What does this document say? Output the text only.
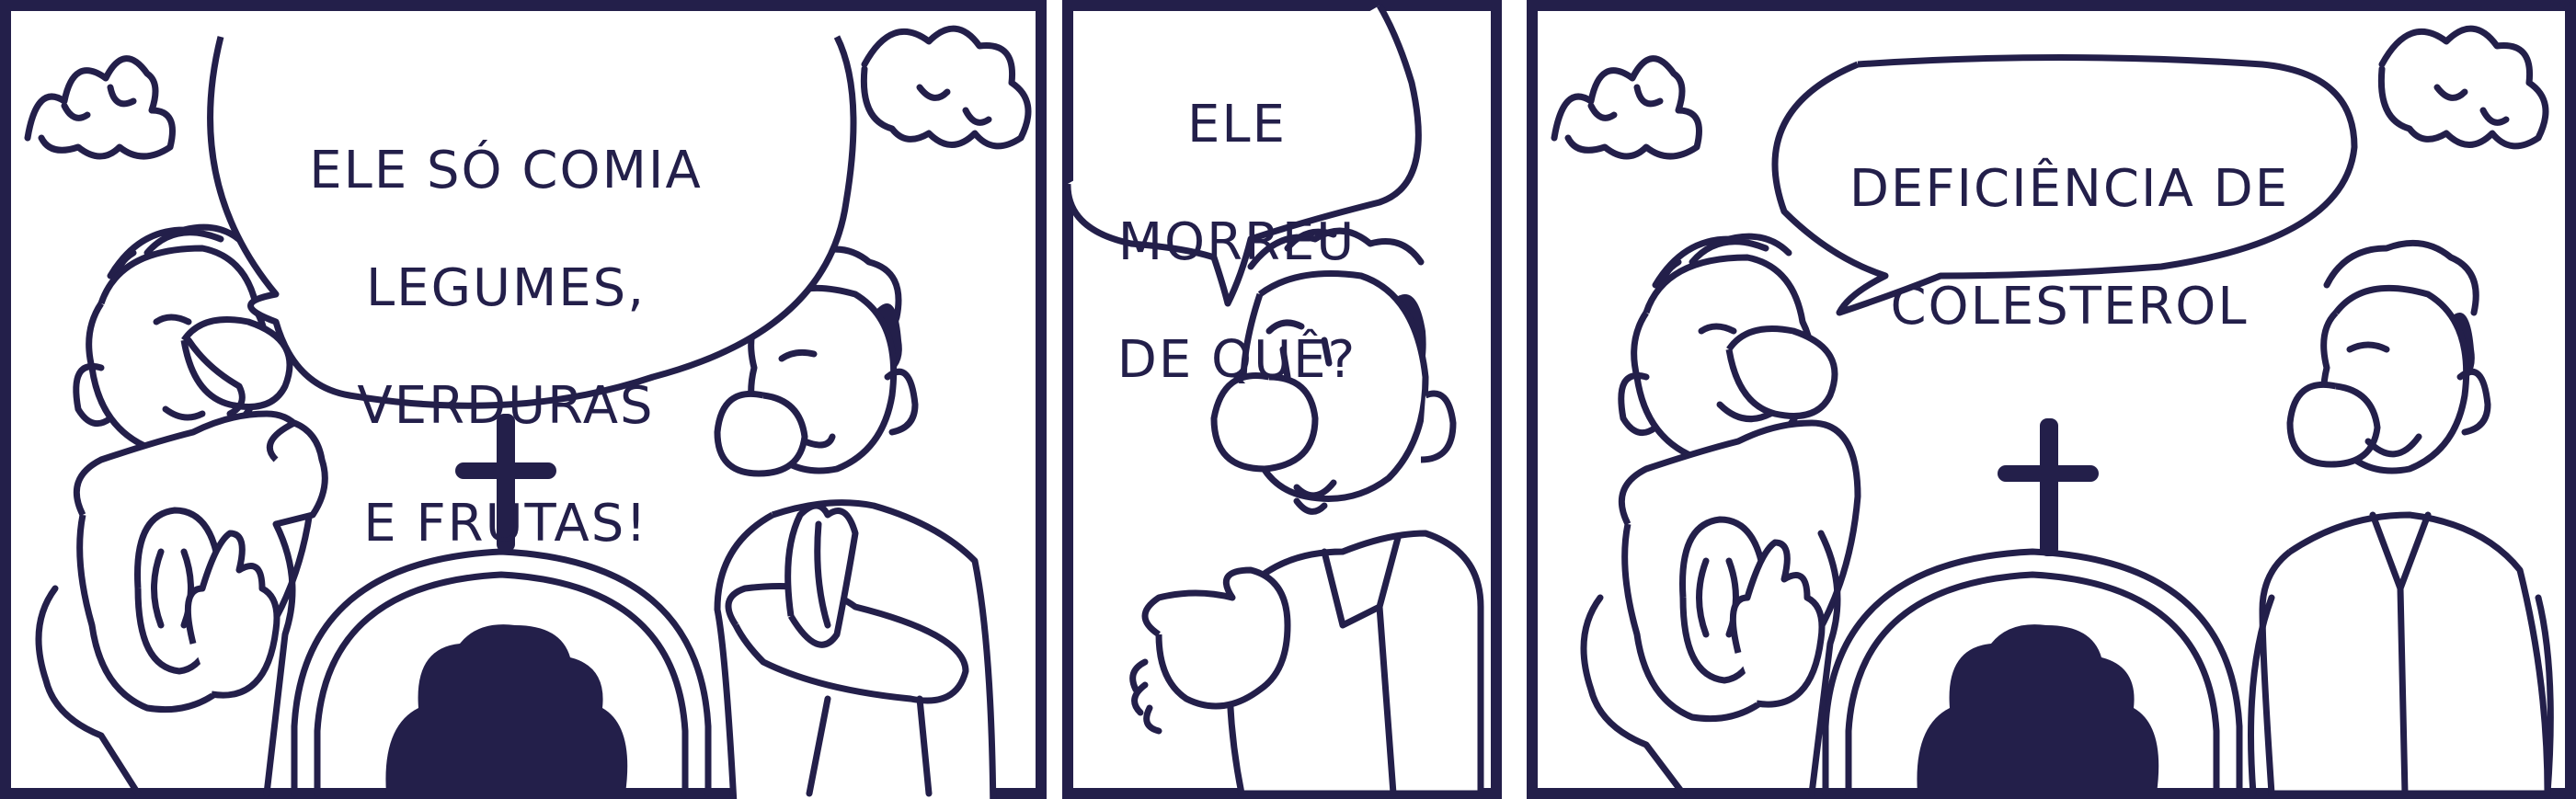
ELE SÓ COMIA

LEGUMES,

VERDURAS

E FRUTAS!

ELE

MORREU

DE QUÊ?

DEFICIÊNCIA DE

COLESTEROL
